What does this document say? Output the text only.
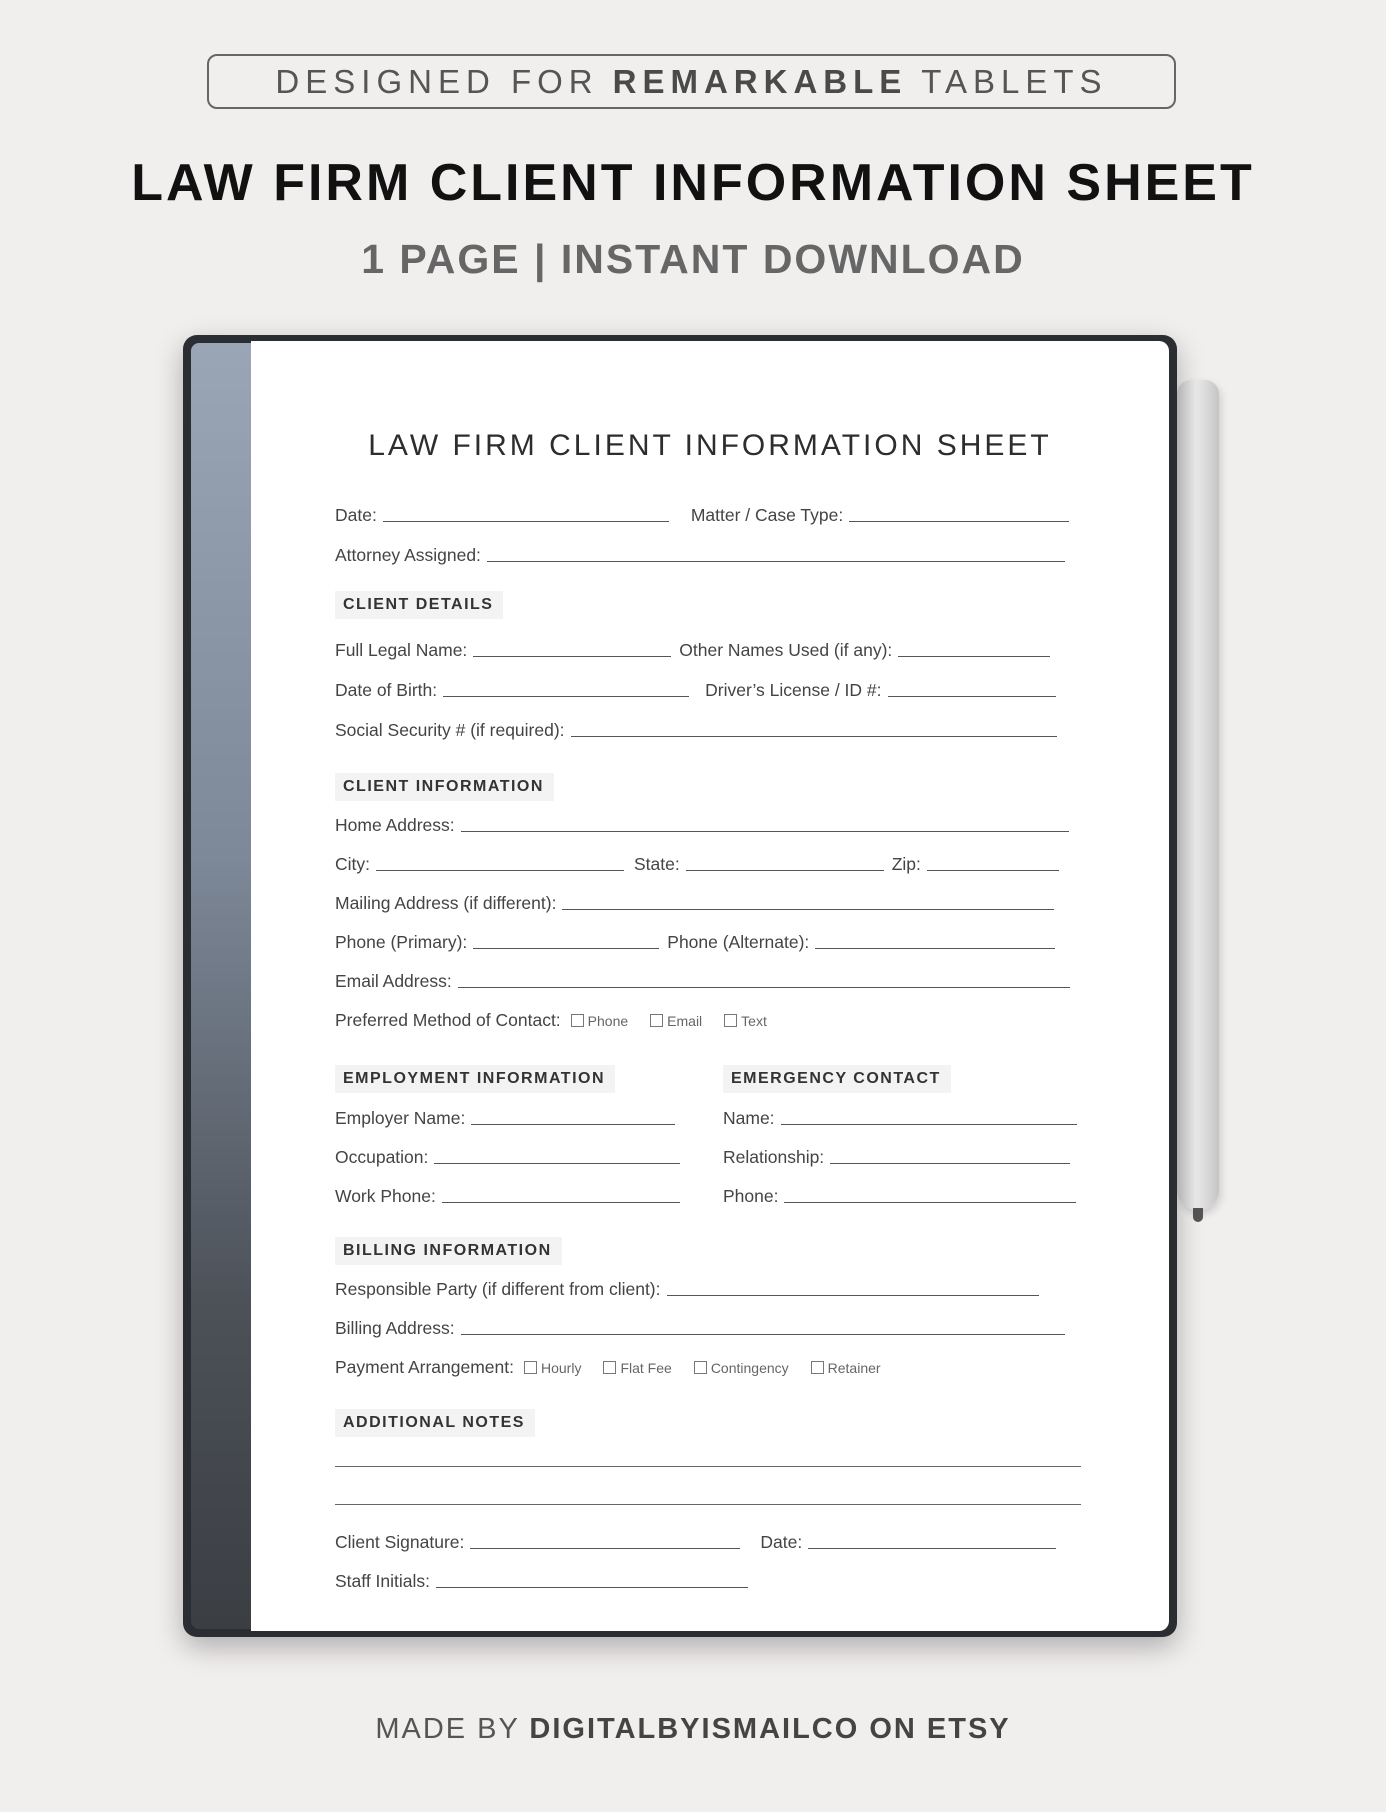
DESIGNED FOR REMARKABLE TABLETS
LAW FIRM CLIENT INFORMATION SHEET
1 PAGE | INSTANT DOWNLOAD
LAW FIRM CLIENT INFORMATION SHEET
Date:	Matter / Case Type:
Attorney Assigned:
CLIENT DETAILS
Full Legal Name:	Other Names Used (if any):
Date of Birth:	Driver’s License / ID #:
Social Security # (if required):
CLIENT INFORMATION
Home Address:
City:	State:	Zip:
Mailing Address (if different):
Phone (Primary):	Phone (Alternate):
Email Address:
Preferred Method of Contact: Phone	Email	Text
EMPLOYMENT INFORMATION	EMERGENCY CONTACT
Employer Name:	Name:
Occupation:	Relationship:
Work Phone:	Phone:
BILLING INFORMATION
Responsible Party (if different from client):
Billing Address:
Payment Arrangement: Hourly	Flat Fee	Contingency	Retainer
ADDITIONAL NOTES
Client Signature:	Date:
Staff Initials:
MADE BY DIGITALBYISMAILCO ON ETSY
